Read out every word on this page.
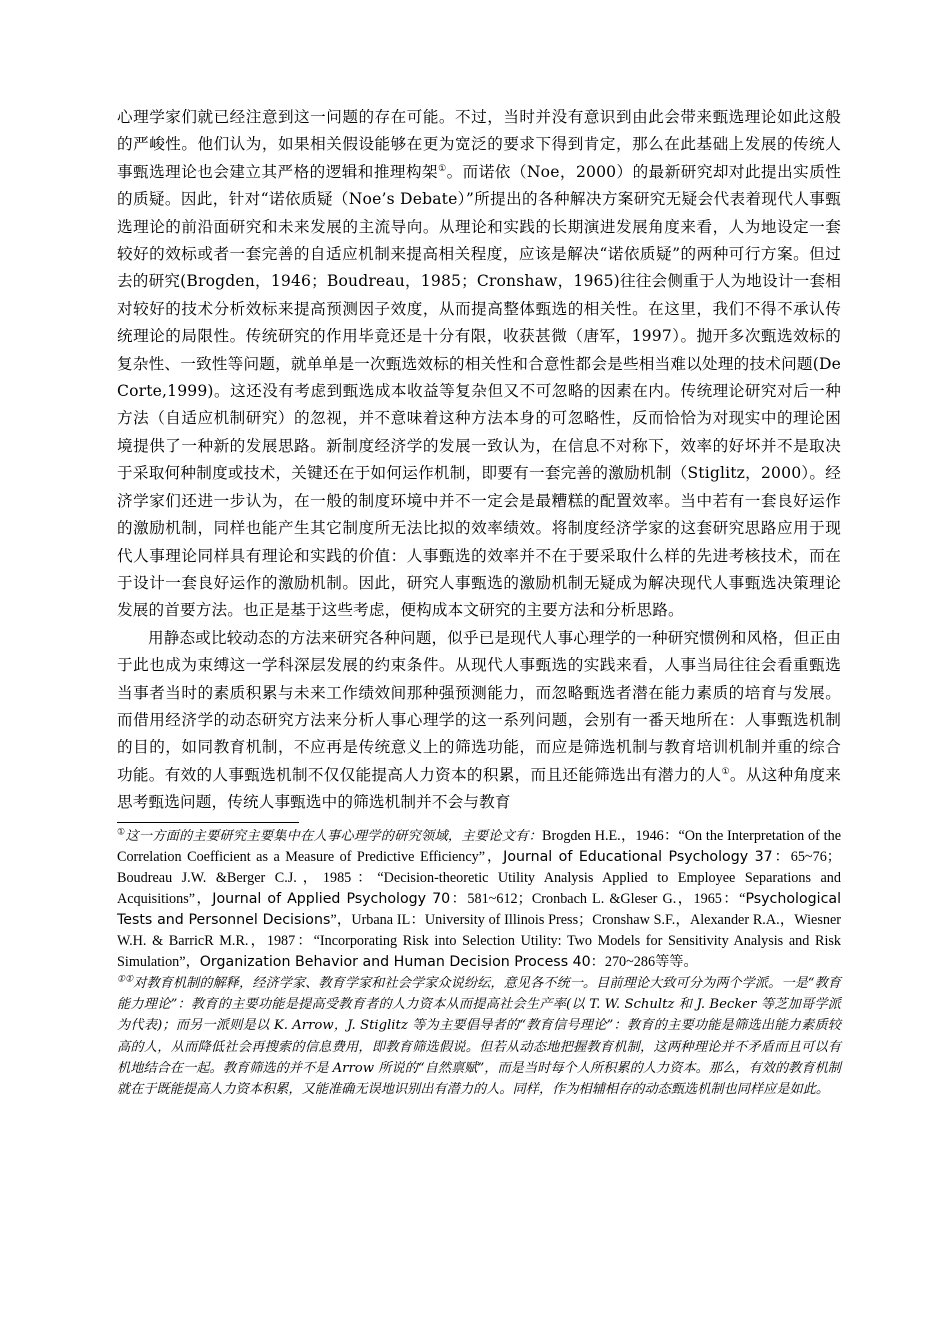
心理学家们就已经注意到这一问题的存在可能。不过，当时并没有意识到由此会带来甄选理论如此这般的严峻性。他们认为，如果相关假设能够在更为宽泛的要求下得到肯定，那么在此基础上发展的传统人事甄选理论也会建立其严格的逻辑和推理构架①。而诺依（Noe，2000）的最新研究却对此提出实质性的质疑。因此，针对“诺依质疑（Noe’s Debate）”所提出的各种解决方案研究无疑会代表着现代人事甄选理论的前沿面研究和未来发展的主流导向。从理论和实践的长期演进发展角度来看，人为地设定一套较好的效标或者一套完善的自适应机制来提高相关程度，应该是解决“诺依质疑”的两种可行方案。但过去的研究(Brogden，1946；Boudreau，1985；Cronshaw，1965)往往会侧重于人为地设计一套相对较好的技术分析效标来提高预测因子效度，从而提高整体甄选的相关性。在这里，我们不得不承认传统理论的局限性。传统研究的作用毕竟还是十分有限，收获甚微（唐军，1997）。抛开多次甄选效标的复杂性、一致性等问题，就单单是一次甄选效标的相关性和合意性都会是些相当难以处理的技术问题(De Corte,1999)。这还没有考虑到甄选成本收益等复杂但又不可忽略的因素在内。传统理论研究对后一种方法（自适应机制研究）的忽视，并不意味着这种方法本身的可忽略性，反而恰恰为对现实中的理论困境提供了一种新的发展思路。新制度经济学的发展一致认为，在信息不对称下，效率的好坏并不是取决于采取何种制度或技术，关键还在于如何运作机制，即要有一套完善的激励机制（Stiglitz，2000）。经济学家们还进一步认为，在一般的制度环境中并不一定会是最糟糕的配置效率。当中若有一套良好运作的激励机制，同样也能产生其它制度所无法比拟的效率绩效。将制度经济学家的这套研究思路应用于现代人事理论同样具有理论和实践的价值：人事甄选的效率并不在于要采取什么样的先进考核技术，而在于设计一套良好运作的激励机制。因此，研究人事甄选的激励机制无疑成为解决现代人事甄选决策理论发展的首要方法。也正是基于这些考虑，便构成本文研究的主要方法和分析思路。

用静态或比较动态的方法来研究各种问题，似乎已是现代人事心理学的一种研究惯例和风格，但正由于此也成为束缚这一学科深层发展的约束条件。从现代人事甄选的实践来看，人事当局往往会看重甄选当事者当时的素质积累与未来工作绩效间那种强预测能力，而忽略甄选者潜在能力素质的培育与发展。而借用经济学的动态研究方法来分析人事心理学的这一系列问题，会别有一番天地所在：人事甄选机制的目的，如同教育机制，不应再是传统意义上的筛选功能，而应是筛选机制与教育培训机制并重的综合功能。有效的人事甄选机制不仅仅能提高人力资本的积累，而且还能筛选出有潜力的人①。从这种角度来思考甄选问题，传统人事甄选中的筛选机制并不会与教育

①这一方面的主要研究主要集中在人事心理学的研究领域，主要论文有：Brogden H.E.，1946：“On the Interpretation of the Correlation Coefficient as a Measure of Predictive Efficiency”，Journal of Educational Psychology 37：65~76；Boudreau J.W. &Berger C.J.，1985：“Decision-theoretic Utility Analysis Applied to Employee Separations and Acquisitions”，Journal of Applied Psychology 70：581~612；Cronbach L. &Gleser G.，1965：“Psychological Tests and Personnel Decisions”，Urbana IL：University of Illinois Press；Cronshaw S.F.，Alexander R.A.，Wiesner W.H. & BarricR M.R.，1987：“Incorporating Risk into Selection Utility: Two Models for Sensitivity Analysis and Risk Simulation”，Organization Behavior and Human Decision Process 40：270~286等等。

①①对教育机制的解释，经济学家、教育学家和社会学家众说纷纭，意见各不统一。目前理论大致可分为两个学派。一是“教育能力理论”：教育的主要功能是提高受教育者的人力资本从而提高社会生产率(以 T. W. Schultz 和 J. Becker 等芝加哥学派为代表)；而另一派则是以 K. Arrow，J. Stiglitz 等为主要倡导者的“教育信号理论”：教育的主要功能是筛选出能力素质较高的人，从而降低社会再搜索的信息费用，即教育筛选假说。但若从动态地把握教育机制，这两种理论并不矛盾而且可以有机地结合在一起。教育筛选的并不是 Arrow 所说的“自然禀赋”，而是当时每个人所积累的人力资本。那么，有效的教育机制就在于既能提高人力资本积累，又能准确无误地识别出有潜力的人。同样，作为相辅相存的动态甄选机制也同样应是如此。
